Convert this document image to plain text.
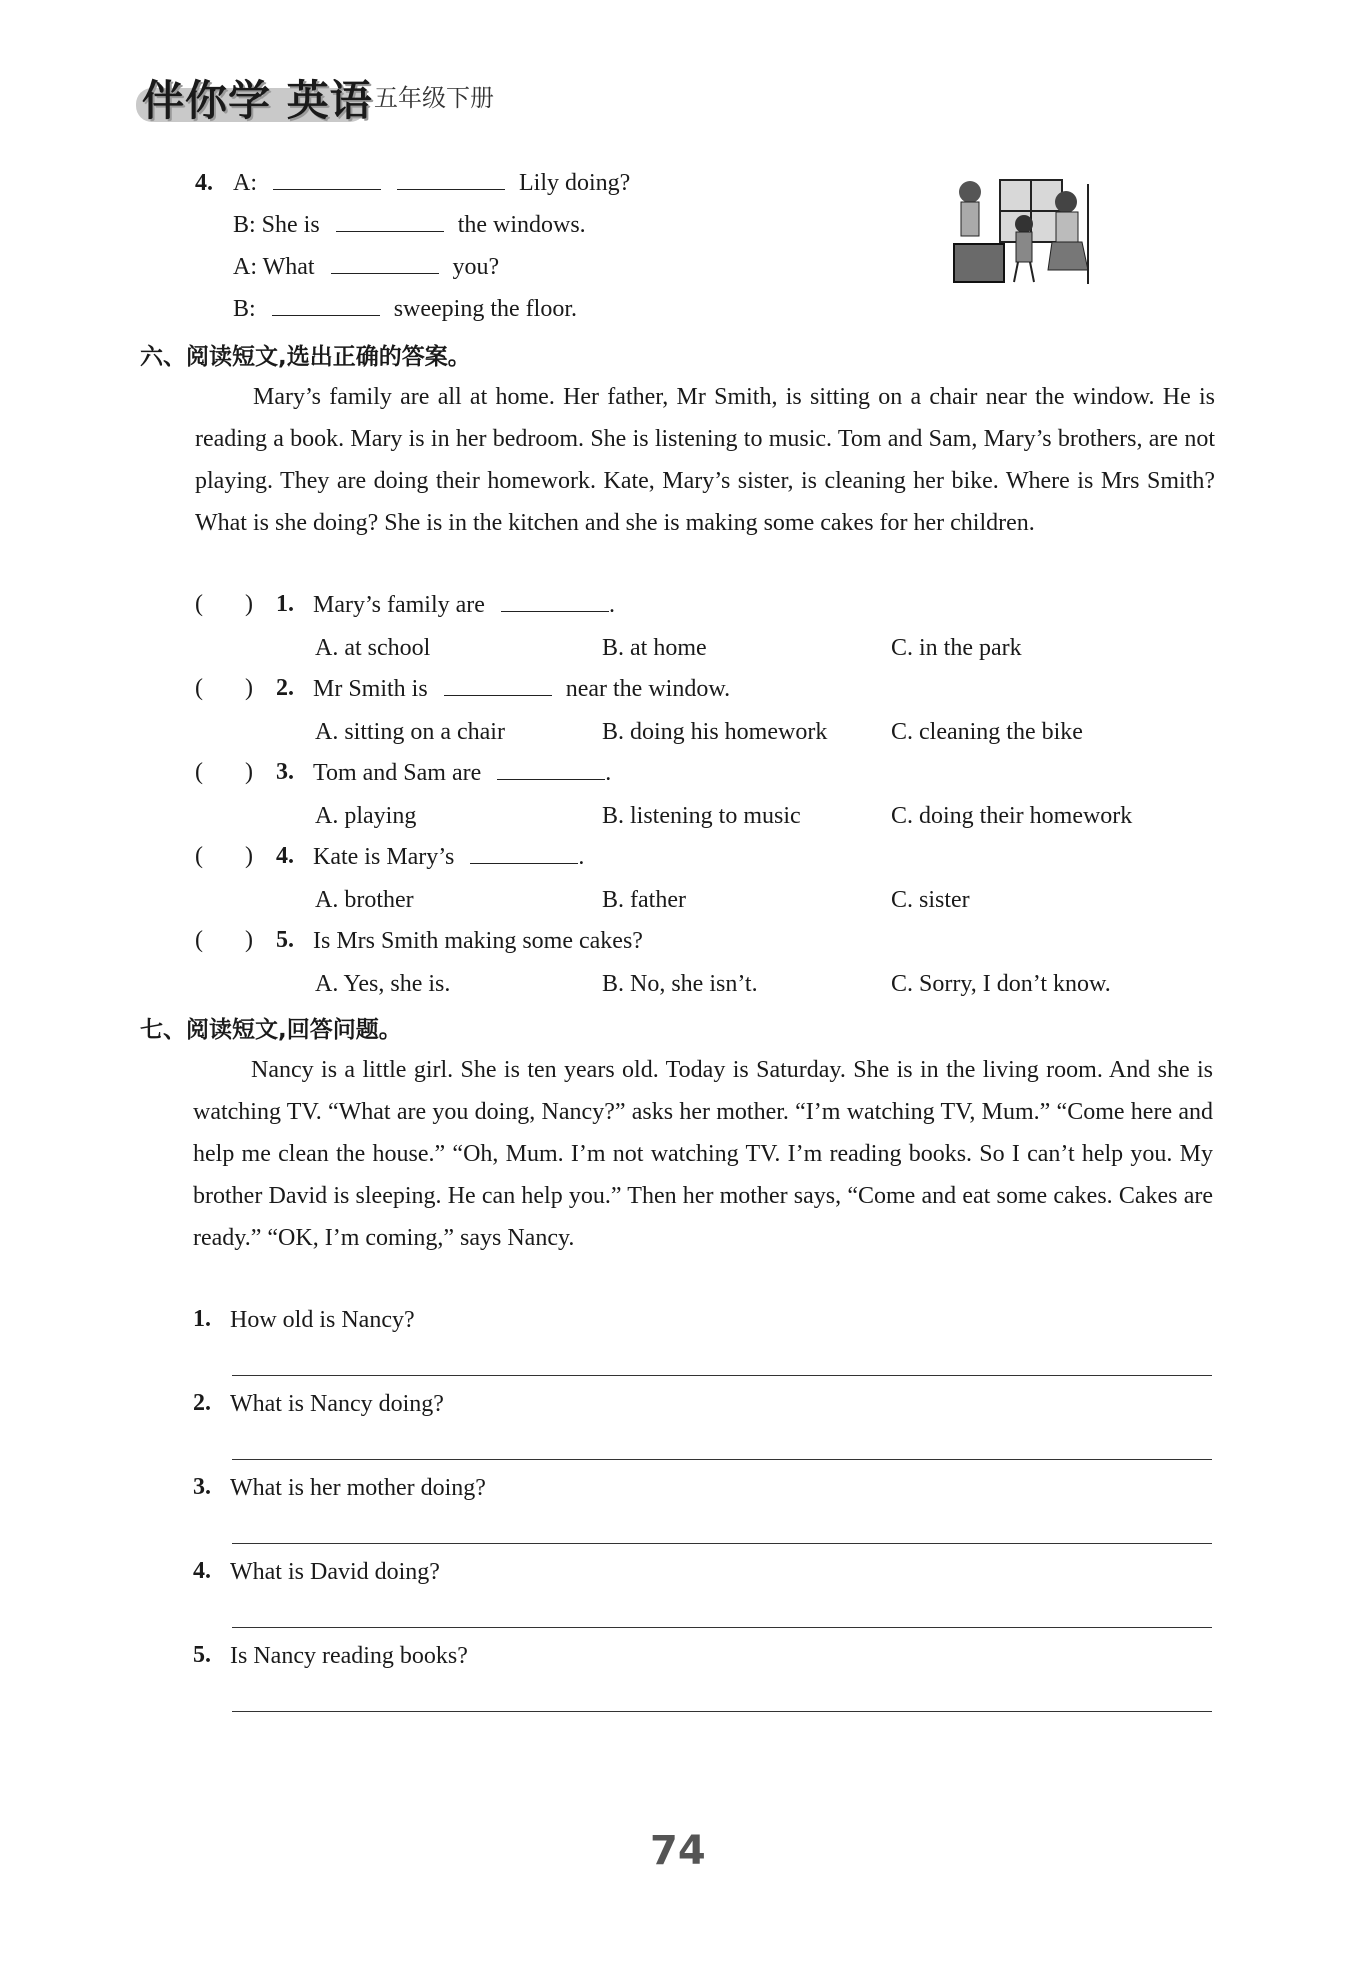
伴你学 英语 五年级下册
4. A:	Lily doing?
B: She is	the windows.
A: What	you?
B:	sweeping the floor.
六、阅读短文,选出正确的答案。
Mary’s family are all at home. Her father, Mr Smith, is sitting on a chair near the window. He is reading a book. Mary is in her bedroom. She is listening to music. Tom and Sam, Mary’s brothers, are not playing. They are doing their homework. Kate, Mary’s sister, is cleaning her bike. Where is Mrs Smith? What is she doing? She is in the kitchen and she is making some cakes for her children.
(       ) 1. Mary’s family are	.
A. at school	B. at home	C. in the park
(       ) 2. Mr Smith is	near the window.
A. sitting on a chair	B. doing his homework	C. cleaning the bike
(       ) 3. Tom and Sam are	.
A. playing	B. listening to music	C. doing their homework
(       ) 4. Kate is Mary’s	.
A. brother	B. father	C. sister
(       ) 5. Is Mrs Smith making some cakes?
A. Yes, she is.	B. No, she isn’t.	C. Sorry, I don’t know.
七、阅读短文,回答问题。
Nancy is a little girl. She is ten years old. Today is Saturday. She is in the living room. And she is watching TV. “What are you doing, Nancy?” asks her mother. “I’m watching TV, Mum.” “Come here and help me clean the house.” “Oh, Mum. I’m not watching TV. I’m reading books. So I can’t help you. My brother David is sleeping. He can help you.” Then her mother says, “Come and eat some cakes. Cakes are ready.” “OK, I’m coming,” says Nancy.
1. How old is Nancy?
2. What is Nancy doing?
3. What is her mother doing?
4. What is David doing?
5. Is Nancy reading books?
74
